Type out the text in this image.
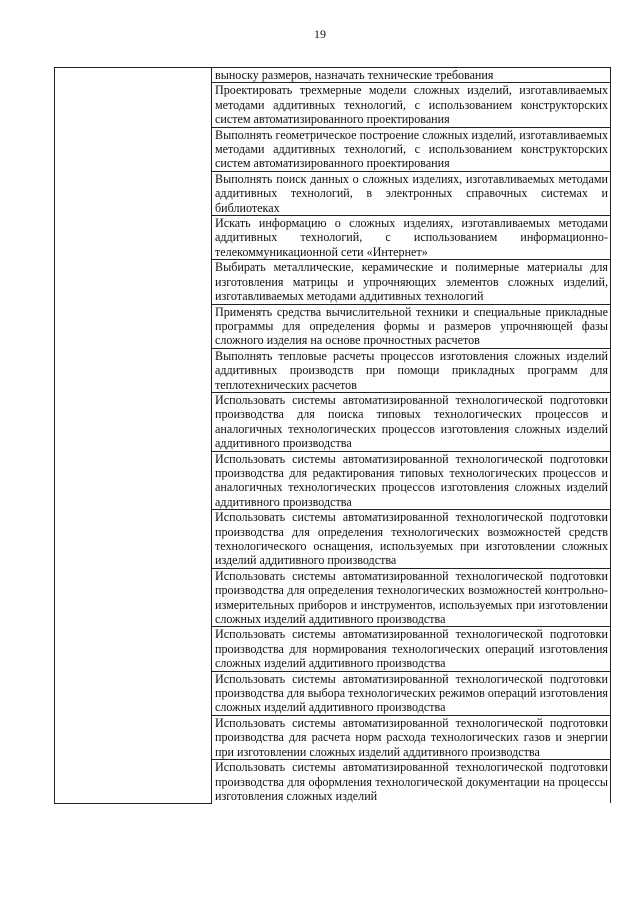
19
	выноску размеров, назначать технические требования
Проектировать трехмерные модели сложных изделий, изготавливаемых методами аддитивных технологий, с использованием конструкторских систем автоматизированного проектирования
Выполнять геометрическое построение сложных изделий, изготавливаемых методами аддитивных технологий, с использованием конструкторских систем автоматизированного проектирования
Выполнять поиск данных о сложных изделиях, изготавливаемых методами аддитивных технологий, в электронных справочных системах и библиотеках
Искать информацию о сложных изделиях, изготавливаемых методами аддитивных технологий, с использованием информационно-телекоммуникационной сети «Интернет»
Выбирать металлические, керамические и полимерные материалы для изготовления матрицы и упрочняющих элементов сложных изделий, изготавливаемых методами аддитивных технологий
Применять средства вычислительной техники и специальные прикладные программы для определения формы и размеров упрочняющей фазы сложного изделия на основе прочностных расчетов
Выполнять тепловые расчеты процессов изготовления сложных изделий аддитивных производств при помощи прикладных программ для теплотехнических расчетов
Использовать системы автоматизированной технологической подготовки производства для поиска типовых технологических процессов и аналогичных технологических процессов изготовления сложных изделий аддитивного производства
Использовать системы автоматизированной технологической подготовки производства для редактирования типовых технологических процессов и аналогичных технологических процессов изготовления сложных изделий аддитивного производства
Использовать системы автоматизированной технологической подготовки производства для определения технологических возможностей средств технологического оснащения, используемых при изготовлении сложных изделий аддитивного производства
Использовать системы автоматизированной технологической подготовки производства для определения технологических возможностей контрольно-измерительных приборов и инструментов, используемых при изготовлении сложных изделий аддитивного производства
Использовать системы автоматизированной технологической подготовки производства для нормирования технологических операций изготовления сложных изделий аддитивного производства
Использовать системы автоматизированной технологической подготовки производства для выбора технологических режимов операций изготовления сложных изделий аддитивного производства
Использовать системы автоматизированной технологической подготовки производства для расчета норм расхода технологических газов и энергии при изготовлении сложных изделий аддитивного производства
Использовать системы автоматизированной технологической подготовки производства для оформления технологической документации на процессы изготовления сложных изделий
